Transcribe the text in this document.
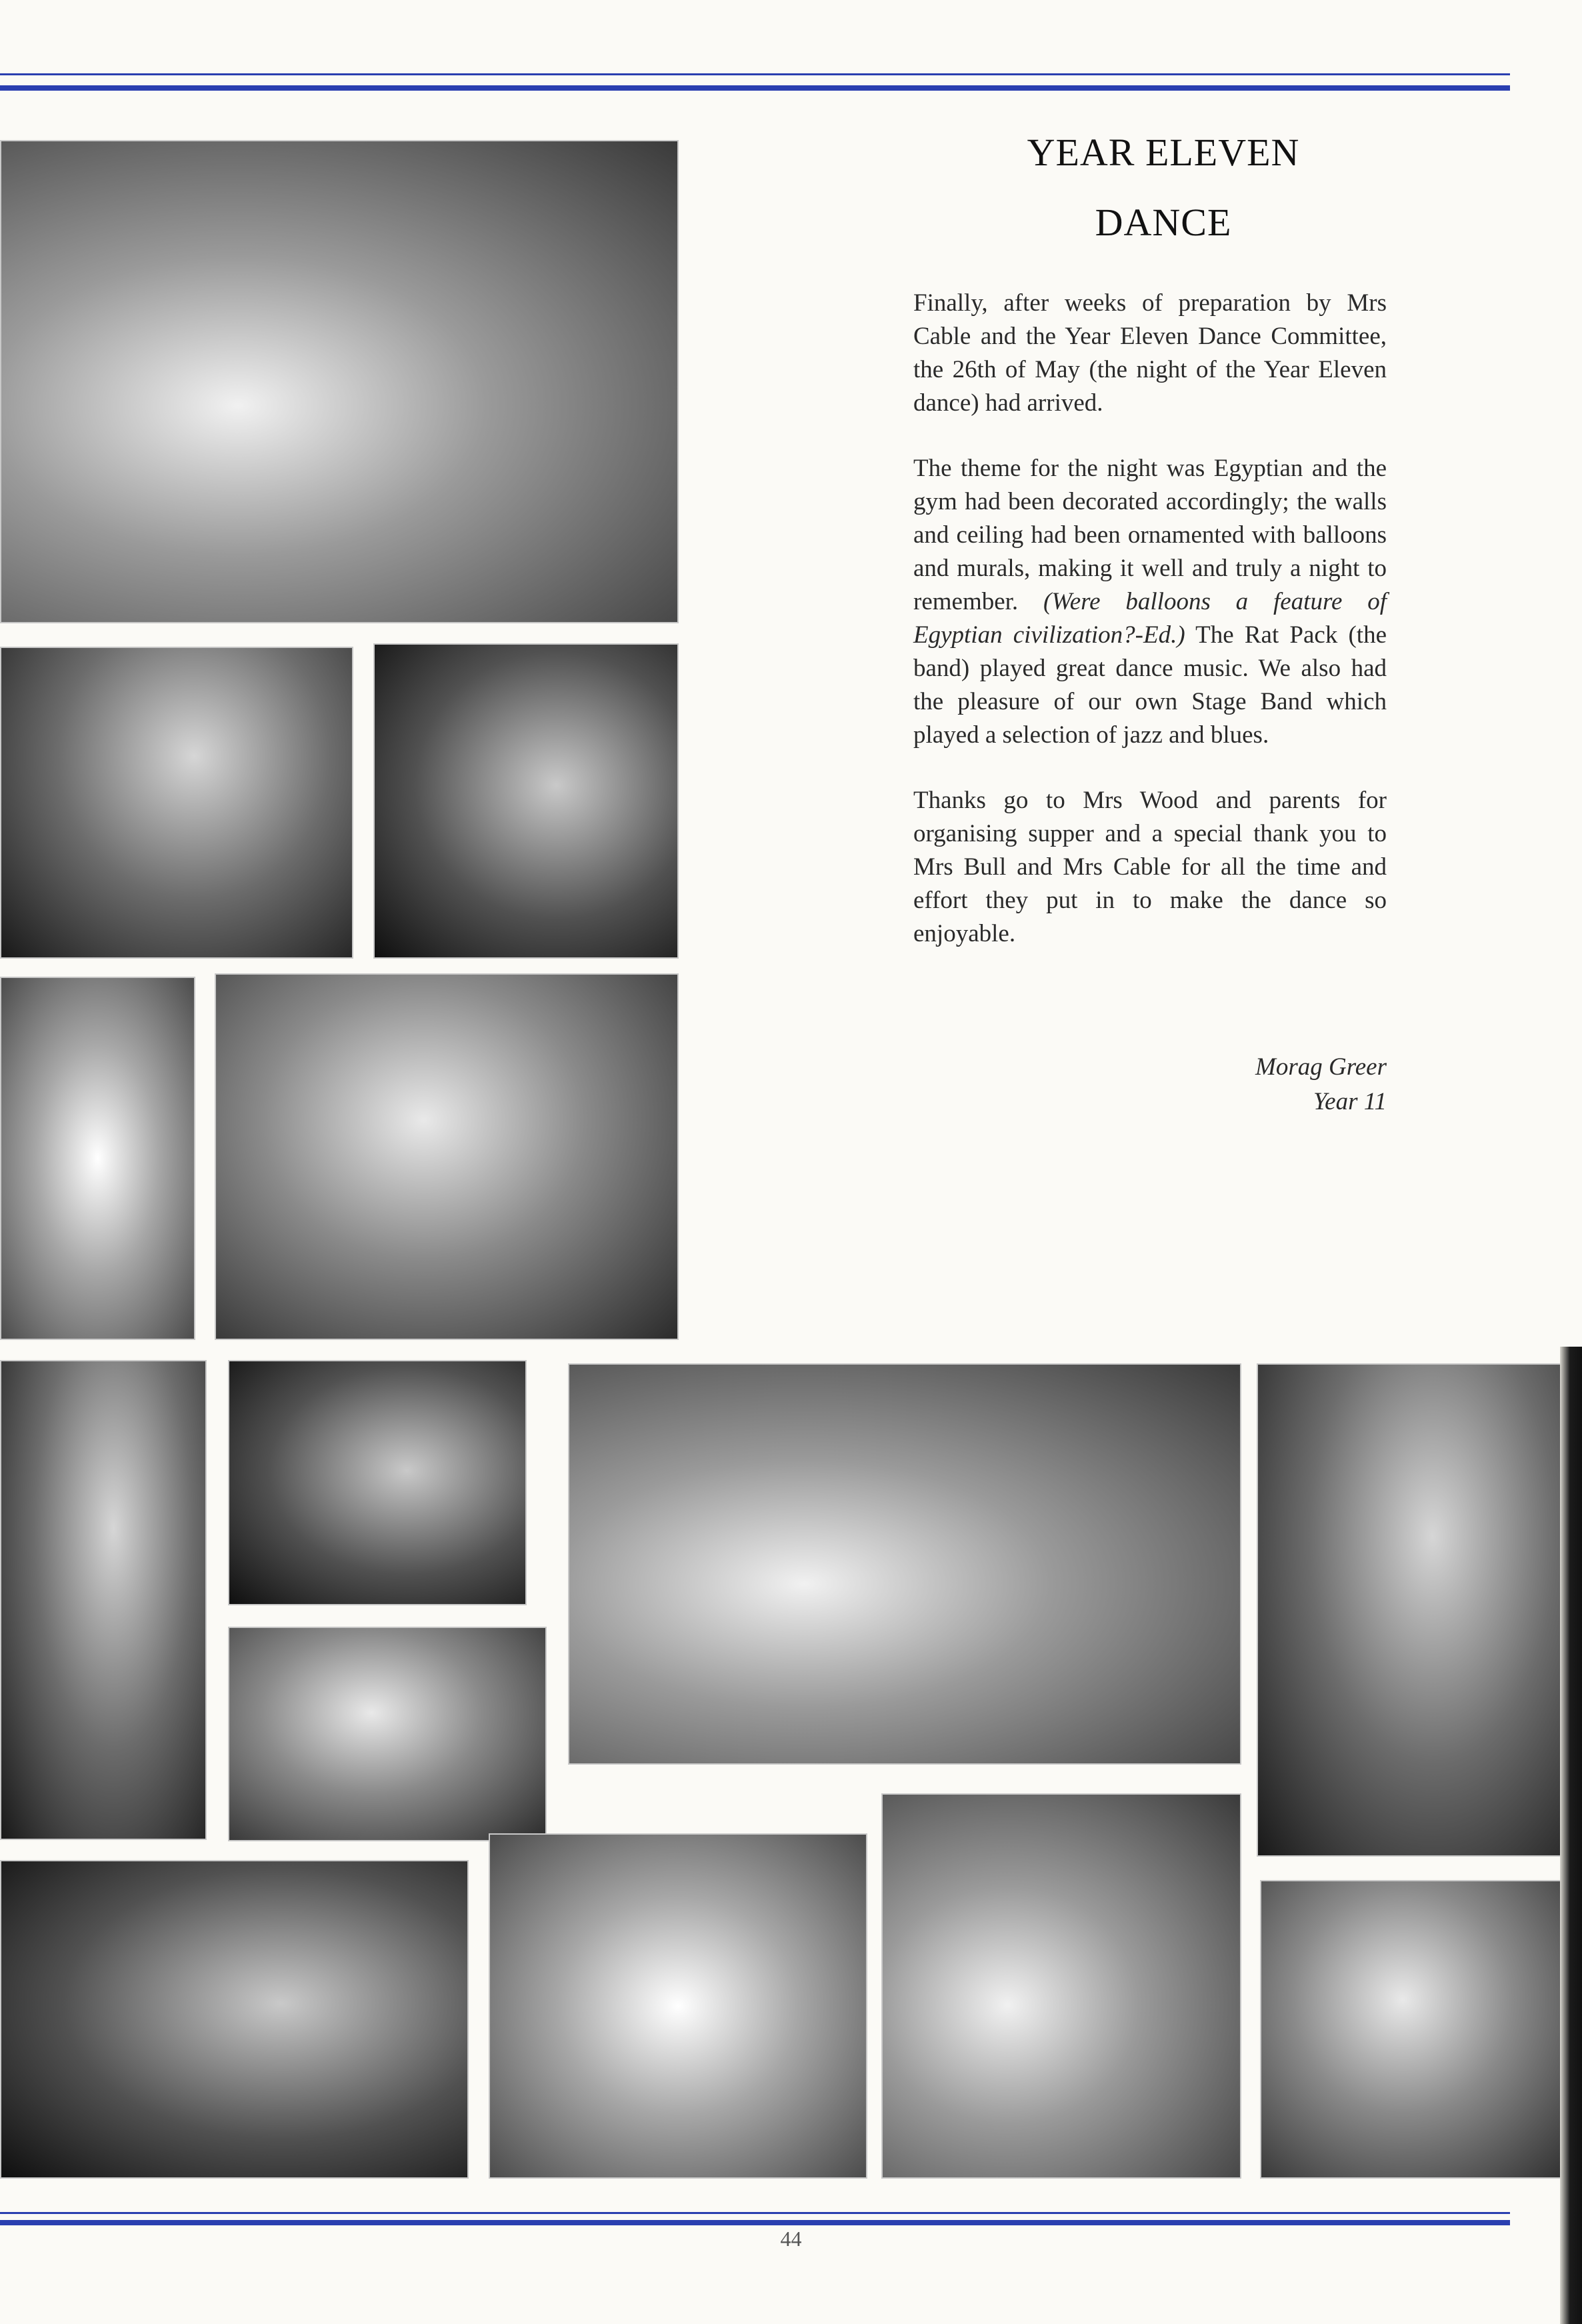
YEAR ELEVEN
DANCE

Finally, after weeks of preparation by Mrs Cable and the Year Eleven Dance Committee, the 26th of May (the night of the Year Eleven dance) had arrived.

The theme for the night was Egyptian and the gym had been decorated accordingly; the walls and ceiling had been ornamented with balloons and murals, making it well and truly a night to remember. (Were balloons a feature of Egyptian civilization?-Ed.) The Rat Pack (the band) played great dance music. We also had the pleasure of our own Stage Band which played a selection of jazz and blues.

Thanks go to Mrs Wood and parents for organising supper and a special thank you to Mrs Bull and Mrs Cable for all the time and effort they put in to make the dance so enjoyable.

Morag Greer
Year 11
44
